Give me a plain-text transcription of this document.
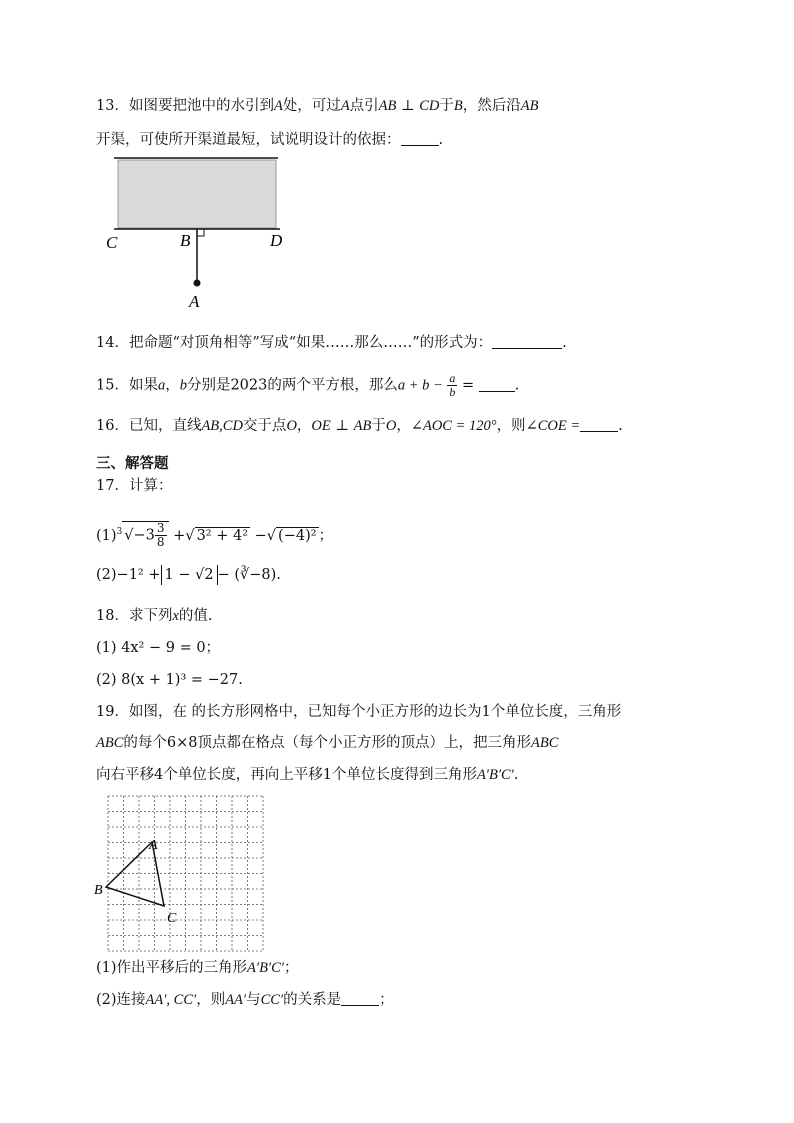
13．如图要把池中的水引到A处，可过A点引AB ⊥ CD于B，然后沿AB
开渠，可使所开渠道最短，试说明设计的依据：	.
C	B	D
A
14．把命题“对顶角相等”写成“如果……那么……”的形式为：	.
15．如果a，b分别是2023的两个平方根，那么$a + b - \frac{a}{b}$ =	.
16．已知，直线AB,CD交于点O，OE ⊥ AB于O，∠AOC = 120°，则∠COE =	.
三、解答题
17．计算：
$(1)^3$ $√-3 \frac{3}{8}$ +√ 3² + 4² −√ (−4)² ；
(2)−1² + 1 − √2 − (∛−8).
18．求下列x的值.
(1) 4x² − 9 = 0；
(2) 8(x + 1)³ = −27.
19．如图，在 的长方形网格中，已知每个小正方形的边长为1个单位长度，三角形
ABC的每个6×8顶点都在格点（每个小正方形的顶点）上，把三角形ABC
向右平移4个单位长度，再向上平移1个单位长度得到三角形A′B′C′.
A
B
C
(1)作出平移后的三角形A′B′C′；
(2)连接AA′, CC′，则AA′与CC′的关系是	；
